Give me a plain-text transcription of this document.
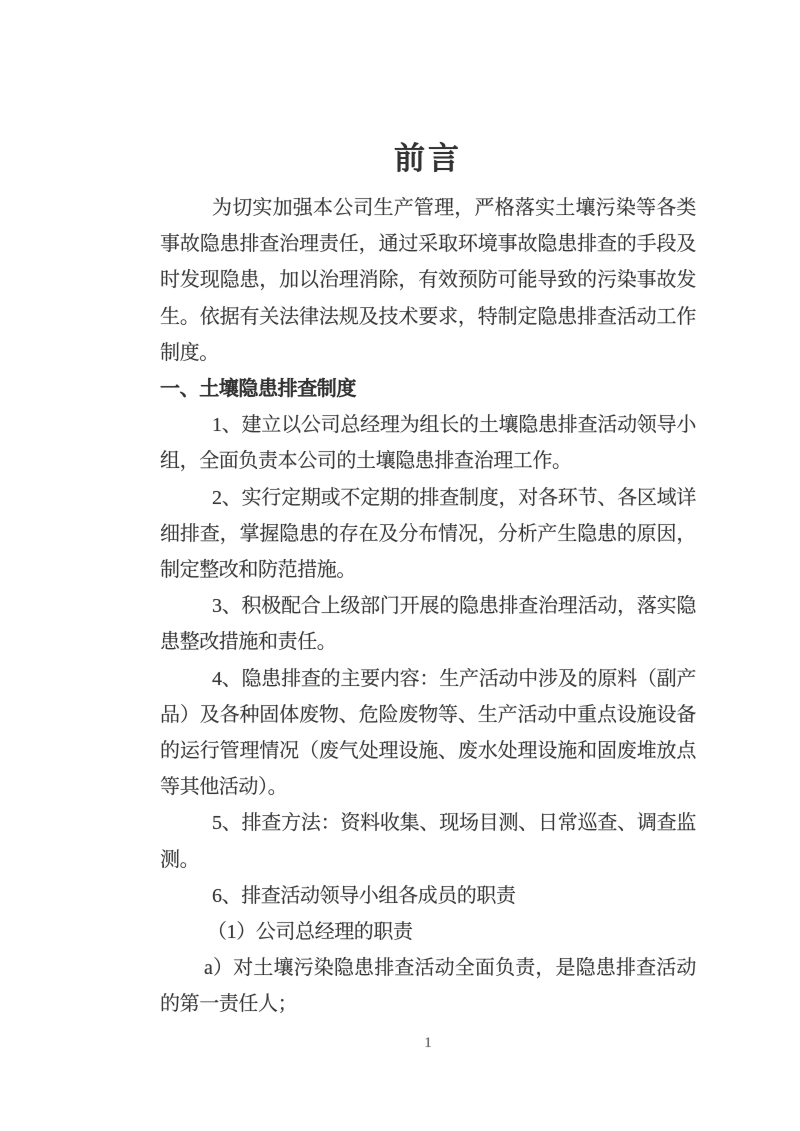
前言

为切实加强本公司生产管理，严格落实土壤污染等各类事故隐患排查治理责任，通过采取环境事故隐患排查的手段及时发现隐患，加以治理消除，有效预防可能导致的污染事故发生。依据有关法律法规及技术要求，特制定隐患排查活动工作制度。

一、土壤隐患排查制度

1、建立以公司总经理为组长的土壤隐患排查活动领导小组，全面负责本公司的土壤隐患排查治理工作。

2、实行定期或不定期的排查制度，对各环节、各区域详细排查，掌握隐患的存在及分布情况，分析产生隐患的原因，制定整改和防范措施。

3、积极配合上级部门开展的隐患排查治理活动，落实隐患整改措施和责任。

4、隐患排查的主要内容：生产活动中涉及的原料（副产品）及各种固体废物、危险废物等、生产活动中重点设施设备的运行管理情况（废气处理设施、废水处理设施和固废堆放点等其他活动）。

5、排查方法：资料收集、现场目测、日常巡查、调查监测。

6、排查活动领导小组各成员的职责

（1）公司总经理的职责

a）对土壤污染隐患排查活动全面负责，是隐患排查活动的第一责任人；

1
